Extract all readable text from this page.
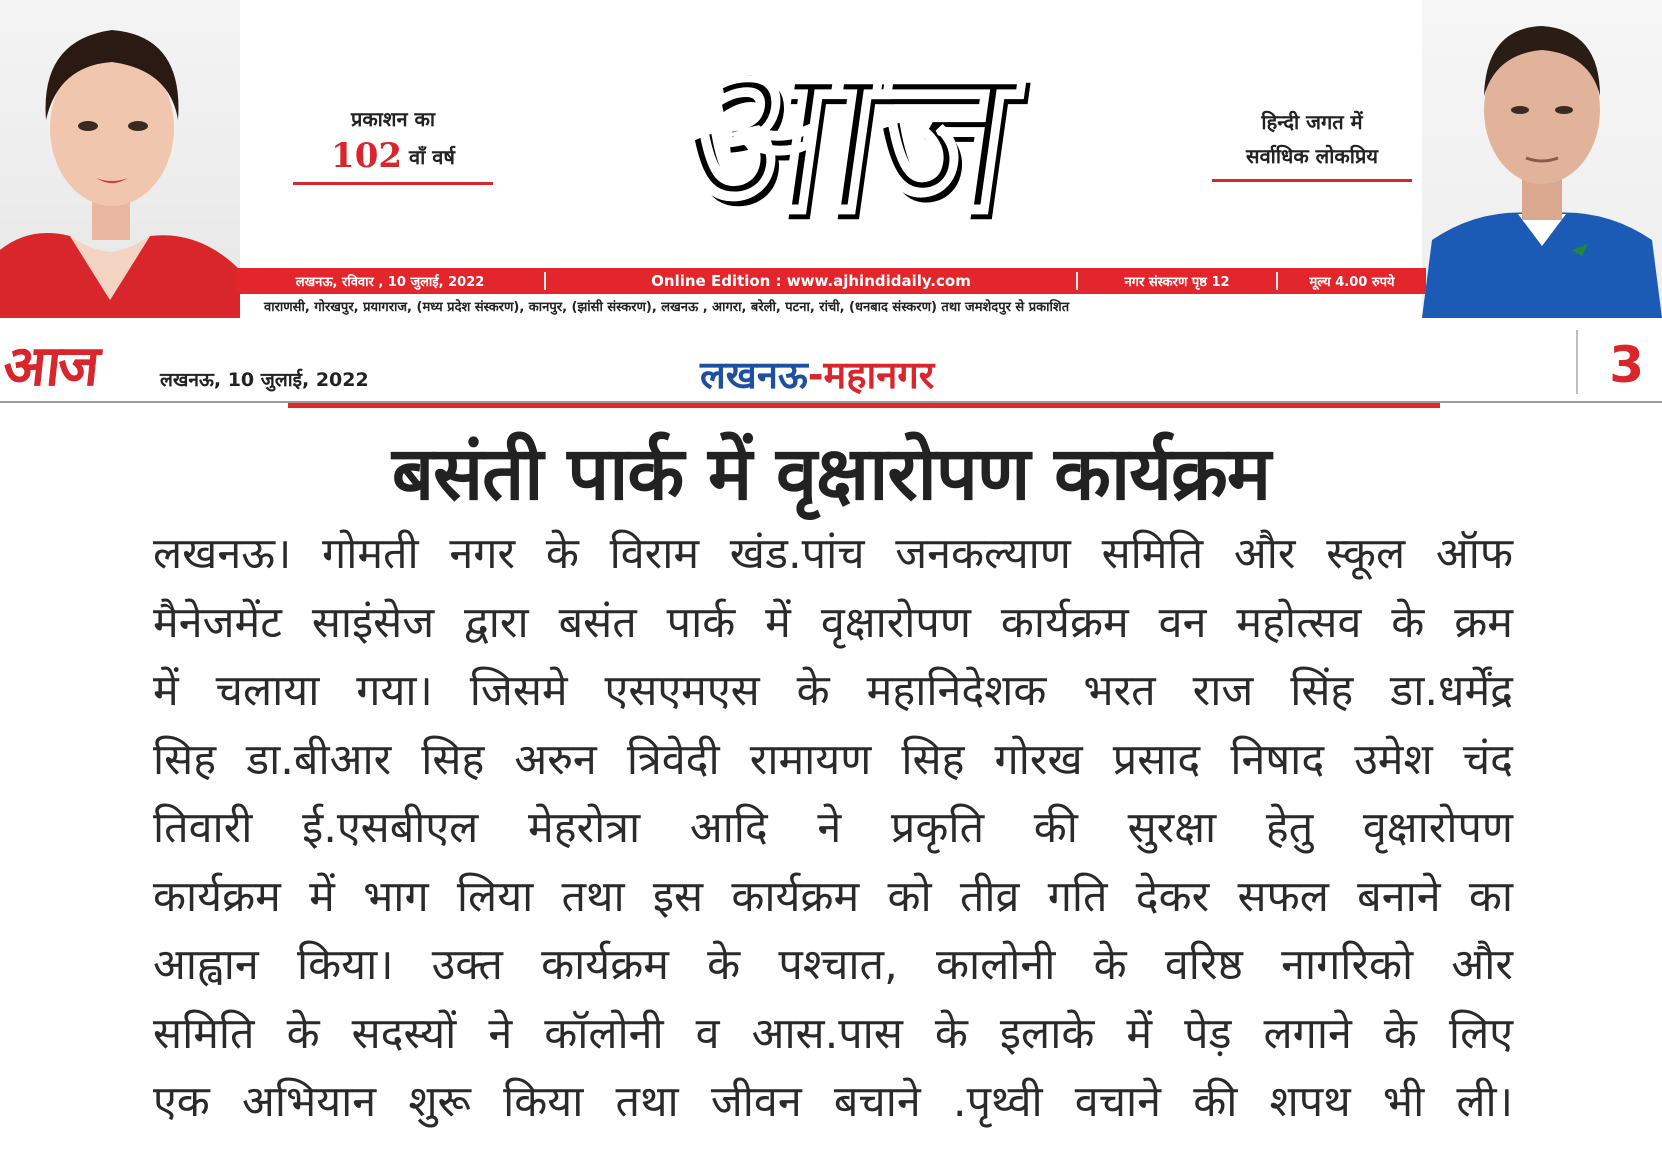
प्रकाशन का
102 वाँ वर्ष	आज	हिन्दी जगत में
सर्वाधिक लोकप्रिय
लखनऊ, रविवार , 10 जुलाई, 2022	Online Edition : www.ajhindidaily.com	नगर संस्करण पृष्ठ 12	मूल्य 4.00 रुपये
वाराणसी, गोरखपुर, प्रयागराज, (मध्य प्रदेश संस्करण), कानपुर, (झांसी संस्करण), लखनऊ , आगरा, बरेली, पटना, रांची, (धनबाद संस्करण) तथा जमशेदपुर से प्रकाशित
आज	लखनऊ, 10 जुलाई, 2022	लखनऊ-महानगर	3
बसंती पार्क में वृक्षारोपण कार्यक्रम
लखनऊ। गोमती नगर के विराम खंड.पांच जनकल्याण समिति और स्कूल ऑफ
मैनेजमेंट साइंसेज द्वारा बसंत पार्क में वृक्षारोपण कार्यक्रम वन महोत्सव के क्रम
में चलाया गया। जिसमे एसएमएस के महानिदेशक भरत राज सिंह डा.धर्मेंद्र
सिह डा.बीआर सिह अरुन त्रिवेदी रामायण सिह गोरख प्रसाद निषाद उमेश चंद
तिवारी ई.एसबीएल मेहरोत्रा आदि ने प्रकृति की सुरक्षा हेतु वृक्षारोपण
कार्यक्रम में भाग लिया तथा इस कार्यक्रम को तीव्र गति देकर सफल बनाने का
आह्वान किया। उक्त कार्यक्रम के पश्चात, कालोनी के वरिष्ठ नागरिको और
समिति के सदस्यों ने कॉलोनी व आस.पास के इलाके में पेड़ लगाने के लिए
एक अभियान शुरू किया तथा जीवन बचाने .पृथ्वी वचाने की शपथ भी ली।
